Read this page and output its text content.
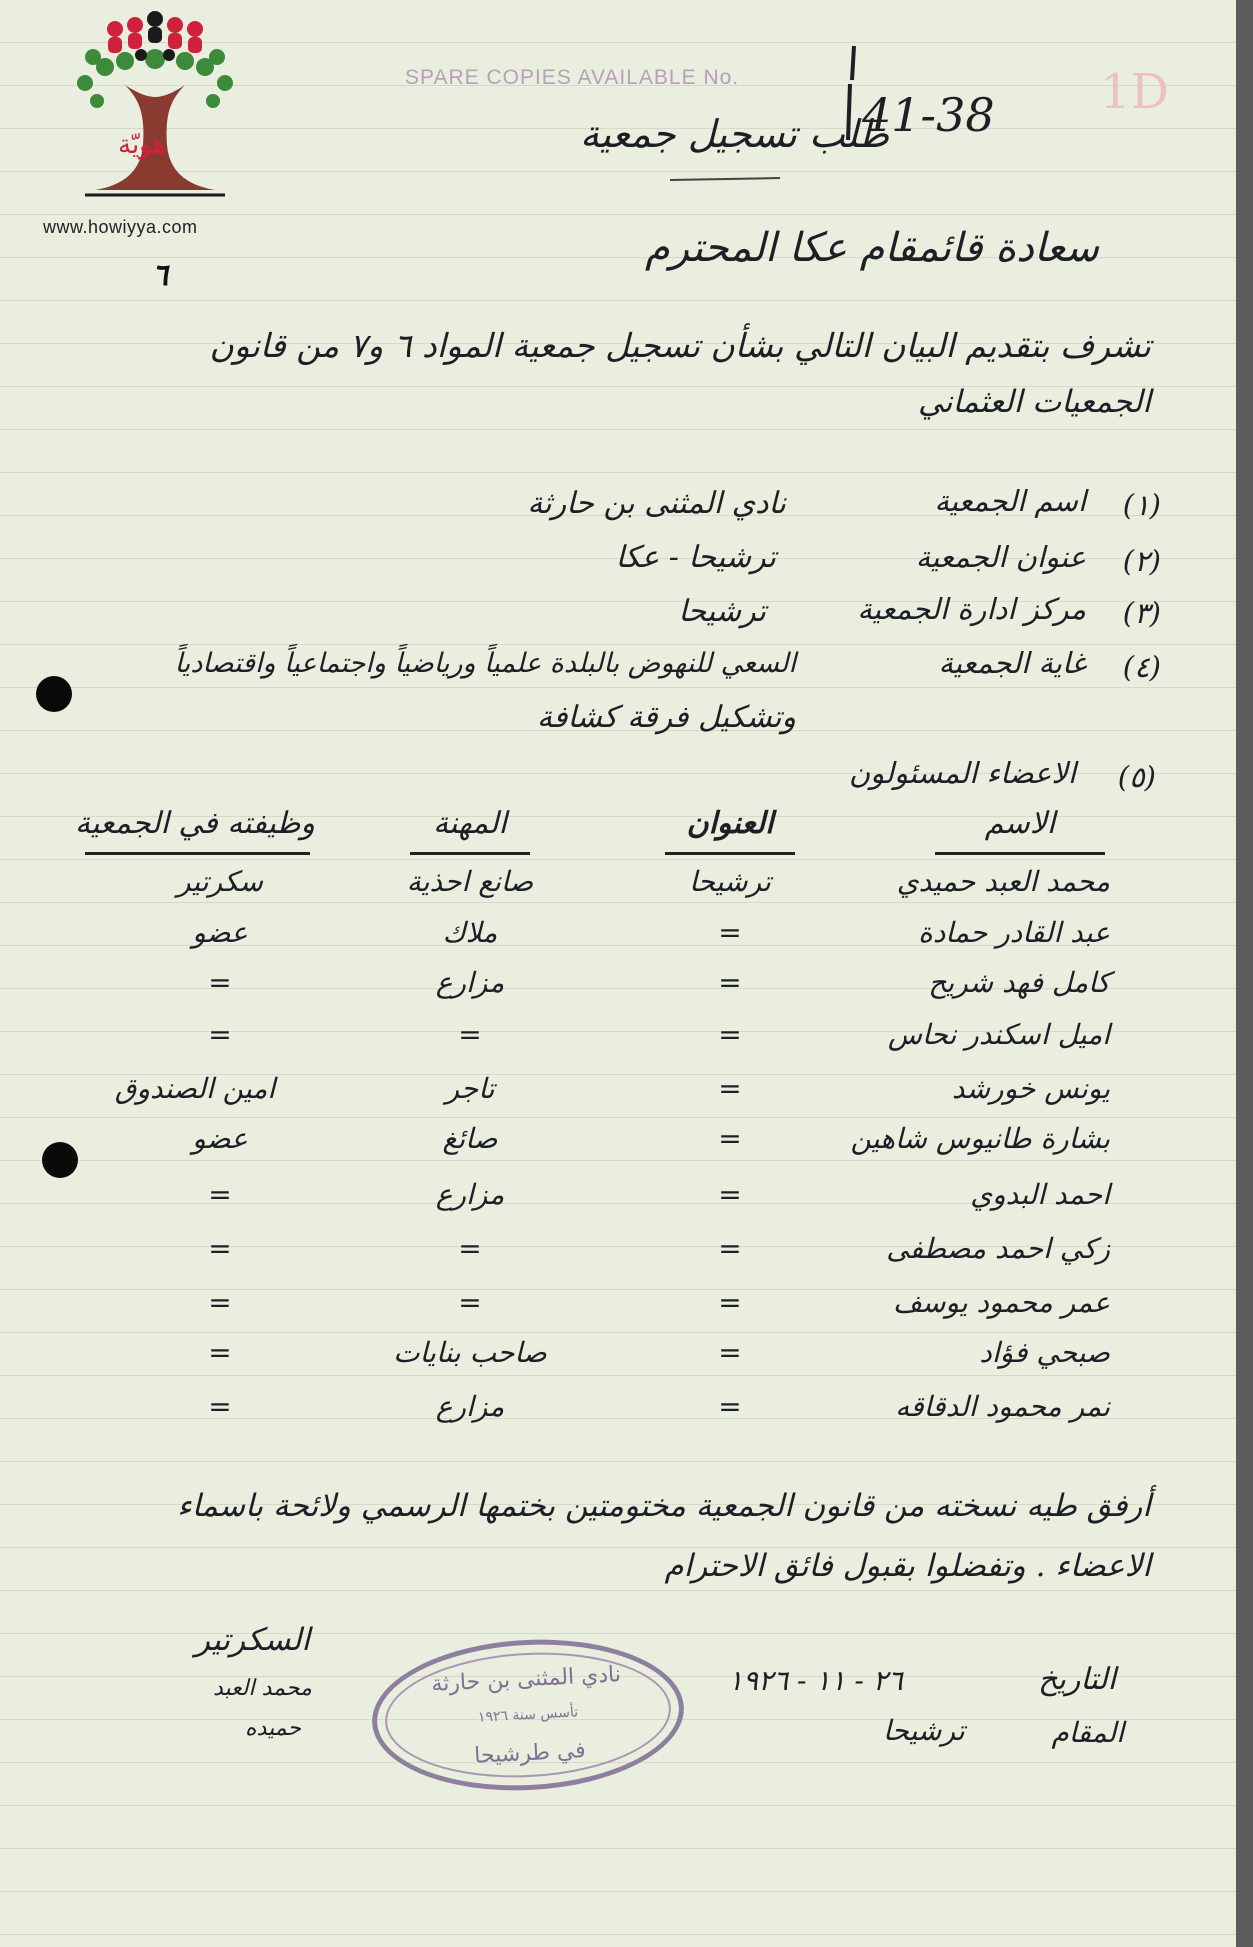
هويّة
www.howiyya.com
1D
SPARE COPIES AVAILABLE No.
41-38
طلب تسجيل جمعية
سعادة قائمقام عكا المحترم
٦
تشرف بتقديم البيان التالي بشأن تسجيل جمعية المواد ٦ و٧ من قانون
الجمعيات العثماني
(١)
اسم الجمعية
نادي المثنى بن حارثة
(٢)
عنوان الجمعية
ترشيحا - عكا
(٣)
مركز ادارة الجمعية
ترشيحا
(٤)
غاية الجمعية
السعي للنهوض بالبلدة علمياً ورياضياً واجتماعياً واقتصادياً
وتشكيل فرقة كشافة
(٥)
الاعضاء المسئولون
الاسم
العنوان
المهنة
وظيفته في الجمعية
محمد العبد حميدي
ترشيحا
صانع احذية
سكرتير
عبد القادر حمادة
=
ملاك
عضو
كامل فهد شريح
=
مزارع
=
اميل اسكندر نحاس
=
=
=
يونس خورشد
=
تاجر
امين الصندوق
بشارة طانيوس شاهين
=
صائغ
عضو
احمد البدوي
=
مزارع
=
زكي احمد مصطفى
=
=
=
عمر محمود يوسف
=
=
=
صبحي فؤاد
=
صاحب بنايات
=
نمر محمود الدقاقه
=
مزارع
=
أرفق طيه نسخته من قانون الجمعية مختومتين بختمها الرسمي ولائحة باسماء
الاعضاء . وتفضلوا بقبول فائق الاحترام
نادي المثنى بن حارثة
تأسس سنة ١٩٢٦
في طرشيحا
السكرتير
محمد العبد
حميده
التاريخ
٢٦ - ١١ - ١٩٢٦
المقام
ترشيحا
